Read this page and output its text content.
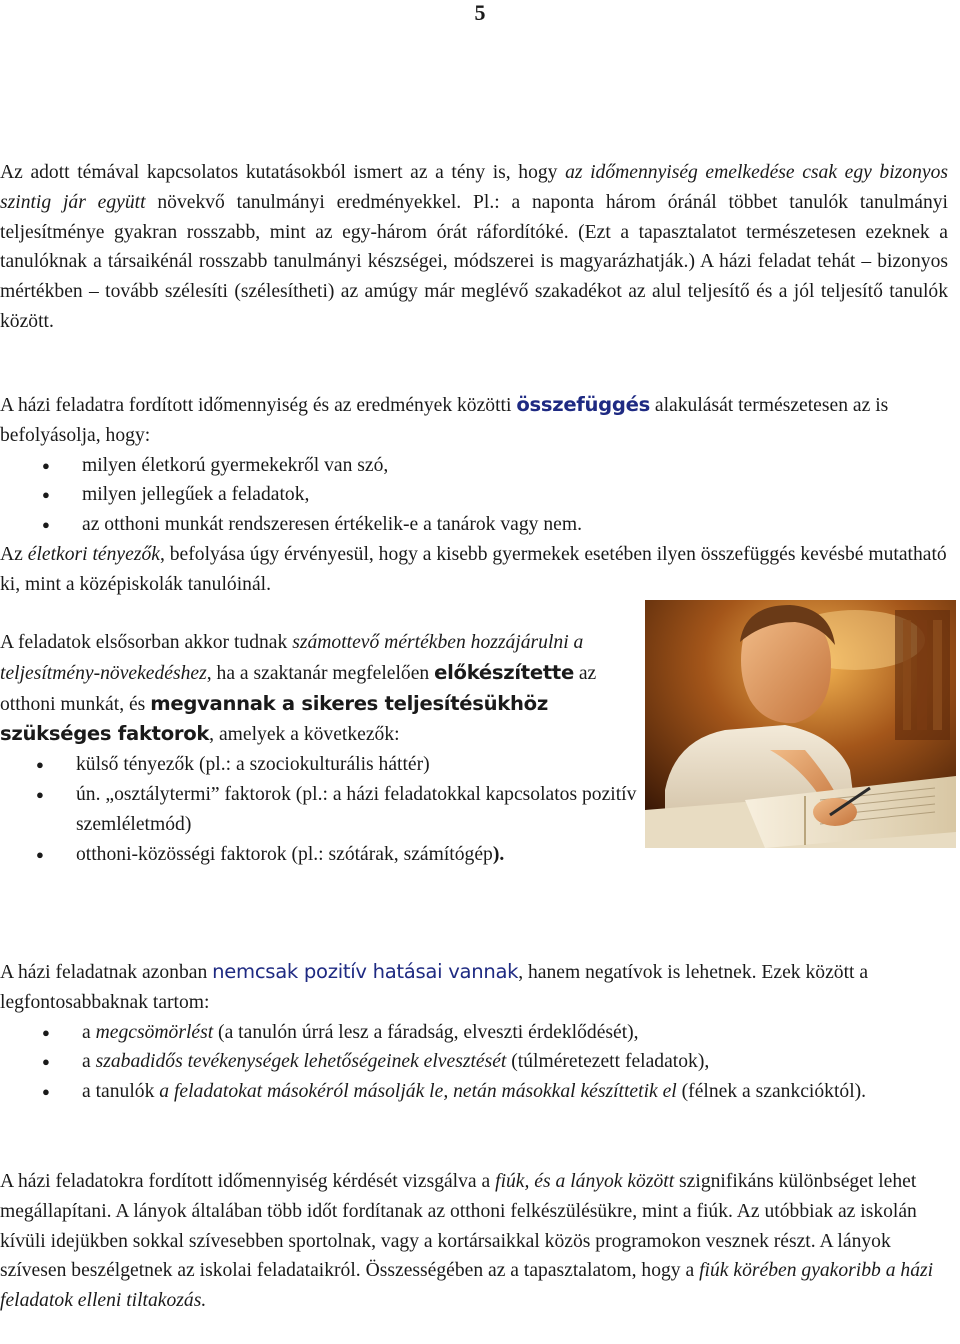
5

Az adott témával kapcsolatos kutatásokból ismert az a tény is, hogy az időmennyiség emelkedése csak egy bizonyos szintig jár együtt növekvő tanulmányi eredményekkel. Pl.: a naponta három óránál többet tanulók tanulmányi teljesítménye gyakran rosszabb, mint az egy-három órát ráfordítóké. (Ezt a tapasztalatot természetesen ezeknek a tanulóknak a társaikénál rosszabb tanulmányi készségei, módszerei is magyarázhatják.) A házi feladat tehát – bizonyos mértékben – tovább szélesíti (szélesítheti) az amúgy már meglévő szakadékot az alul teljesítő és a jól teljesítő tanulók között.

A házi feladatra fordított időmennyiség és az eredmények közötti összefüggés alakulását természetesen az is befolyásolja, hogy:
● milyen életkorú gyermekekről van szó,
● milyen jellegűek a feladatok,
● az otthoni munkát rendszeresen értékelik-e a tanárok vagy nem.
Az életkori tényezők, befolyása úgy érvényesül, hogy a kisebb gyermekek esetében ilyen összefüggés kevésbé mutatható ki, mint a középiskolák tanulóinál.
A feladatok elsősorban akkor tudnak számottevő mértékben hozzájárulni a teljesítmény-növekedéshez, ha a szaktanár megfelelően előkészítette az otthoni munkát, és megvannak a sikeres teljesítésükhöz szükséges faktorok, amelyek a következők:
● külső tényezők (pl.: a szociokulturális háttér)
● ún. „osztálytermi” faktorok (pl.: a házi feladatokkal kapcsolatos pozitív szemléletmód)
● otthoni-közösségi faktorok (pl.: szótárak, számítógép).
A házi feladatnak azonban nemcsak pozitív hatásai vannak, hanem negatívok is lehetnek. Ezek között a legfontosabbaknak tartom:
● a megcsömörlést (a tanulón úrrá lesz a fáradság, elveszti érdeklődését),
● a szabadidős tevékenységek lehetőségeinek elvesztését (túlméretezett feladatok),
● a tanulók a feladatokat másokéról másolják le, netán másokkal készíttetik el (félnek a szankcióktól).

A házi feladatokra fordított időmennyiség kérdését vizsgálva a fiúk, és a lányok között szignifikáns különbséget lehet megállapítani. A lányok általában több időt fordítanak az otthoni felkészülésükre, mint a fiúk. Az utóbbiak az iskolán kívüli idejükben sokkal szívesebben sportolnak, vagy a kortársaikkal közös programokon vesznek részt. A lányok szívesen beszélgetnek az iskolai feladataikról. Összességében az a tapasztalatom, hogy a fiúk körében gyakoribb a házi feladatok elleni tiltakozás.
